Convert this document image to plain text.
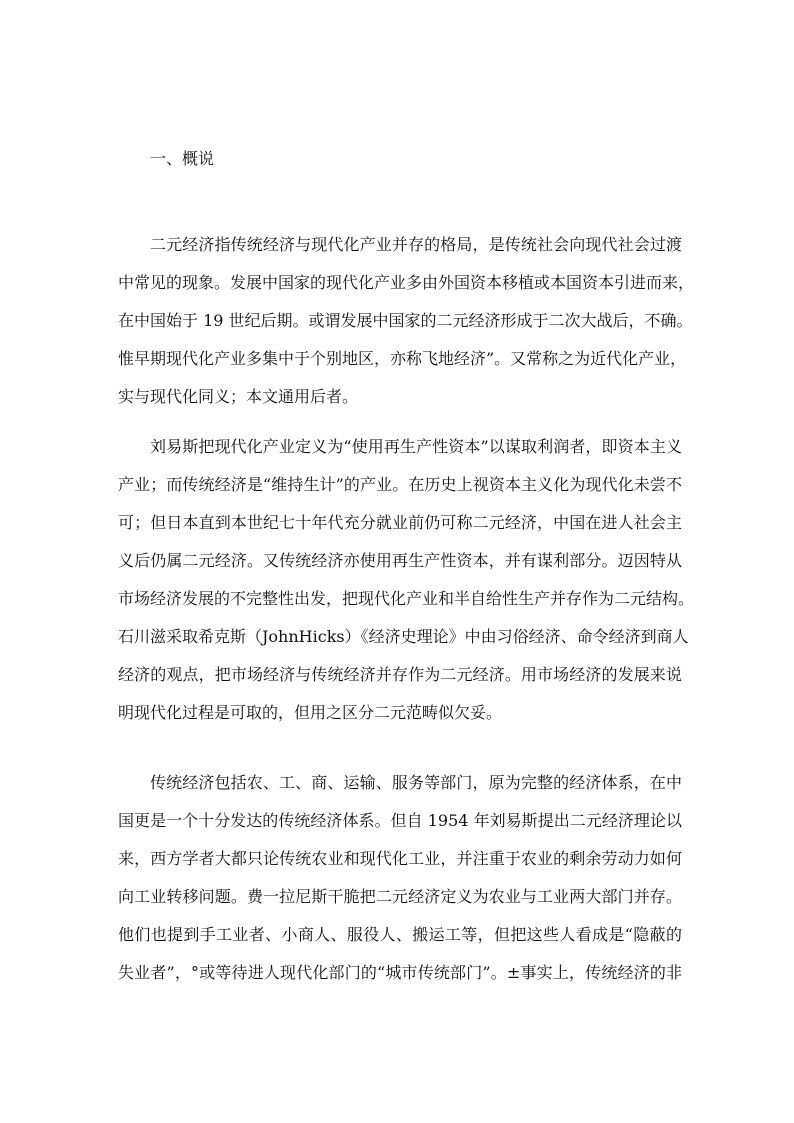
一、概说
二元经济指传统经济与现代化产业并存的格局，是传统社会向现代社会过渡
中常见的现象。发展中国家的现代化产业多由外国资本移植或本国资本引进而来，
在中国始于 19 世纪后期。或谓发展中国家的二元经济形成于二次大战后，不确。
惟早期现代化产业多集中于个别地区，亦称飞地经济”。又常称之为近代化产业，
实与现代化同义；本文通用后者。
刘易斯把现代化产业定义为“使用再生产性资本”以谋取利润者，即资本主义
产业；而传统经济是“维持生计”的产业。在历史上视资本主义化为现代化未尝不
可；但日本直到本世纪七十年代充分就业前仍可称二元经济，中国在进人社会主
义后仍属二元经济。又传统经济亦使用再生产性资本，并有谋利部分。迈因特从
市场经济发展的不完整性出发，把现代化产业和半自给性生产并存作为二元结构。
石川滋采取希克斯（JohnHicks）《经济史理论》中由习俗经济、命令经济到商人
经济的观点，把市场经济与传统经济并存作为二元经济。用市场经济的发展来说
明现代化过程是可取的，但用之区分二元范畴似欠妥。
传统经济包括农、工、商、运输、服务等部门，原为完整的经济体系，在中
国更是一个十分发达的传统经济体系。但自 1954 年刘易斯提出二元经济理论以
来，西方学者大都只论传统农业和现代化工业，并注重于农业的剩余劳动力如何
向工业转移问题。费一拉尼斯干脆把二元经济定义为农业与工业两大部门并存。
他们也提到手工业者、小商人、服役人、搬运工等，但把这些人看成是“隐蔽的
失业者”，°或等待进人现代化部门的“城市传统部门”。±事实上，传统经济的非
